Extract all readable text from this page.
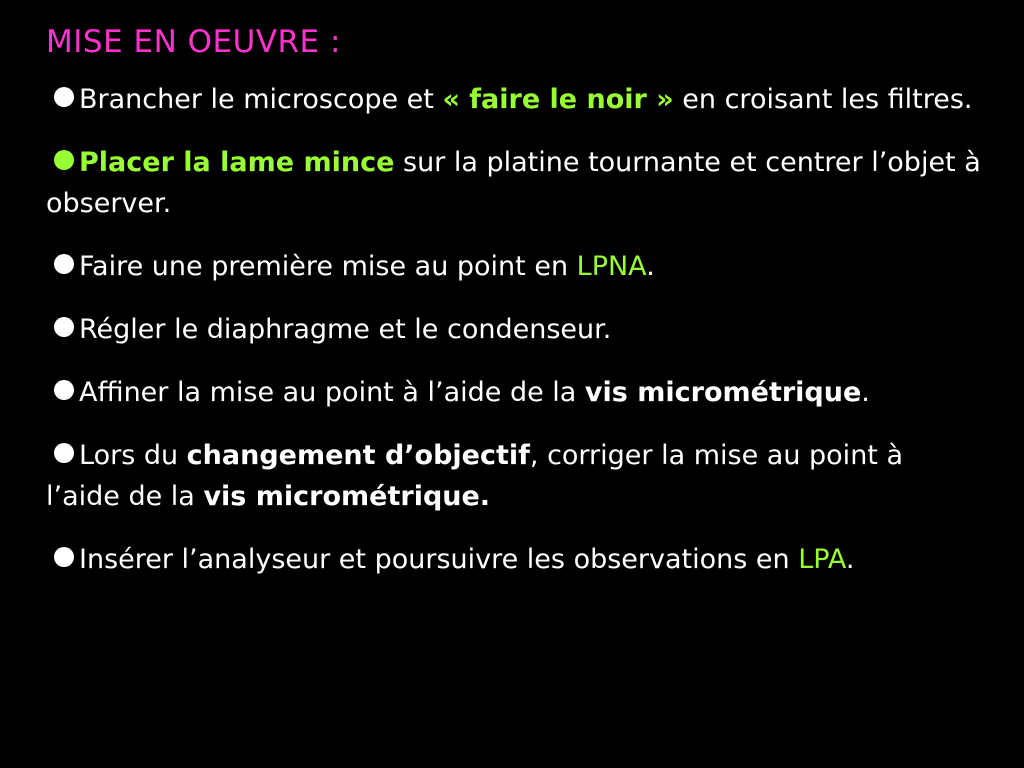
MISE EN OEUVRE :
Brancher le microscope et « faire le noir » en croisant les filtres.
Placer la lame mince sur la platine tournante et centrer l’objet à observer.
Faire une première mise au point en LPNA.
Régler le diaphragme et le condenseur.
Affiner la mise au point à l’aide de la vis micrométrique.
Lors du changement d’objectif, corriger la mise au point à l’aide de la vis micrométrique.
Insérer l’analyseur et poursuivre les observations en LPA.
